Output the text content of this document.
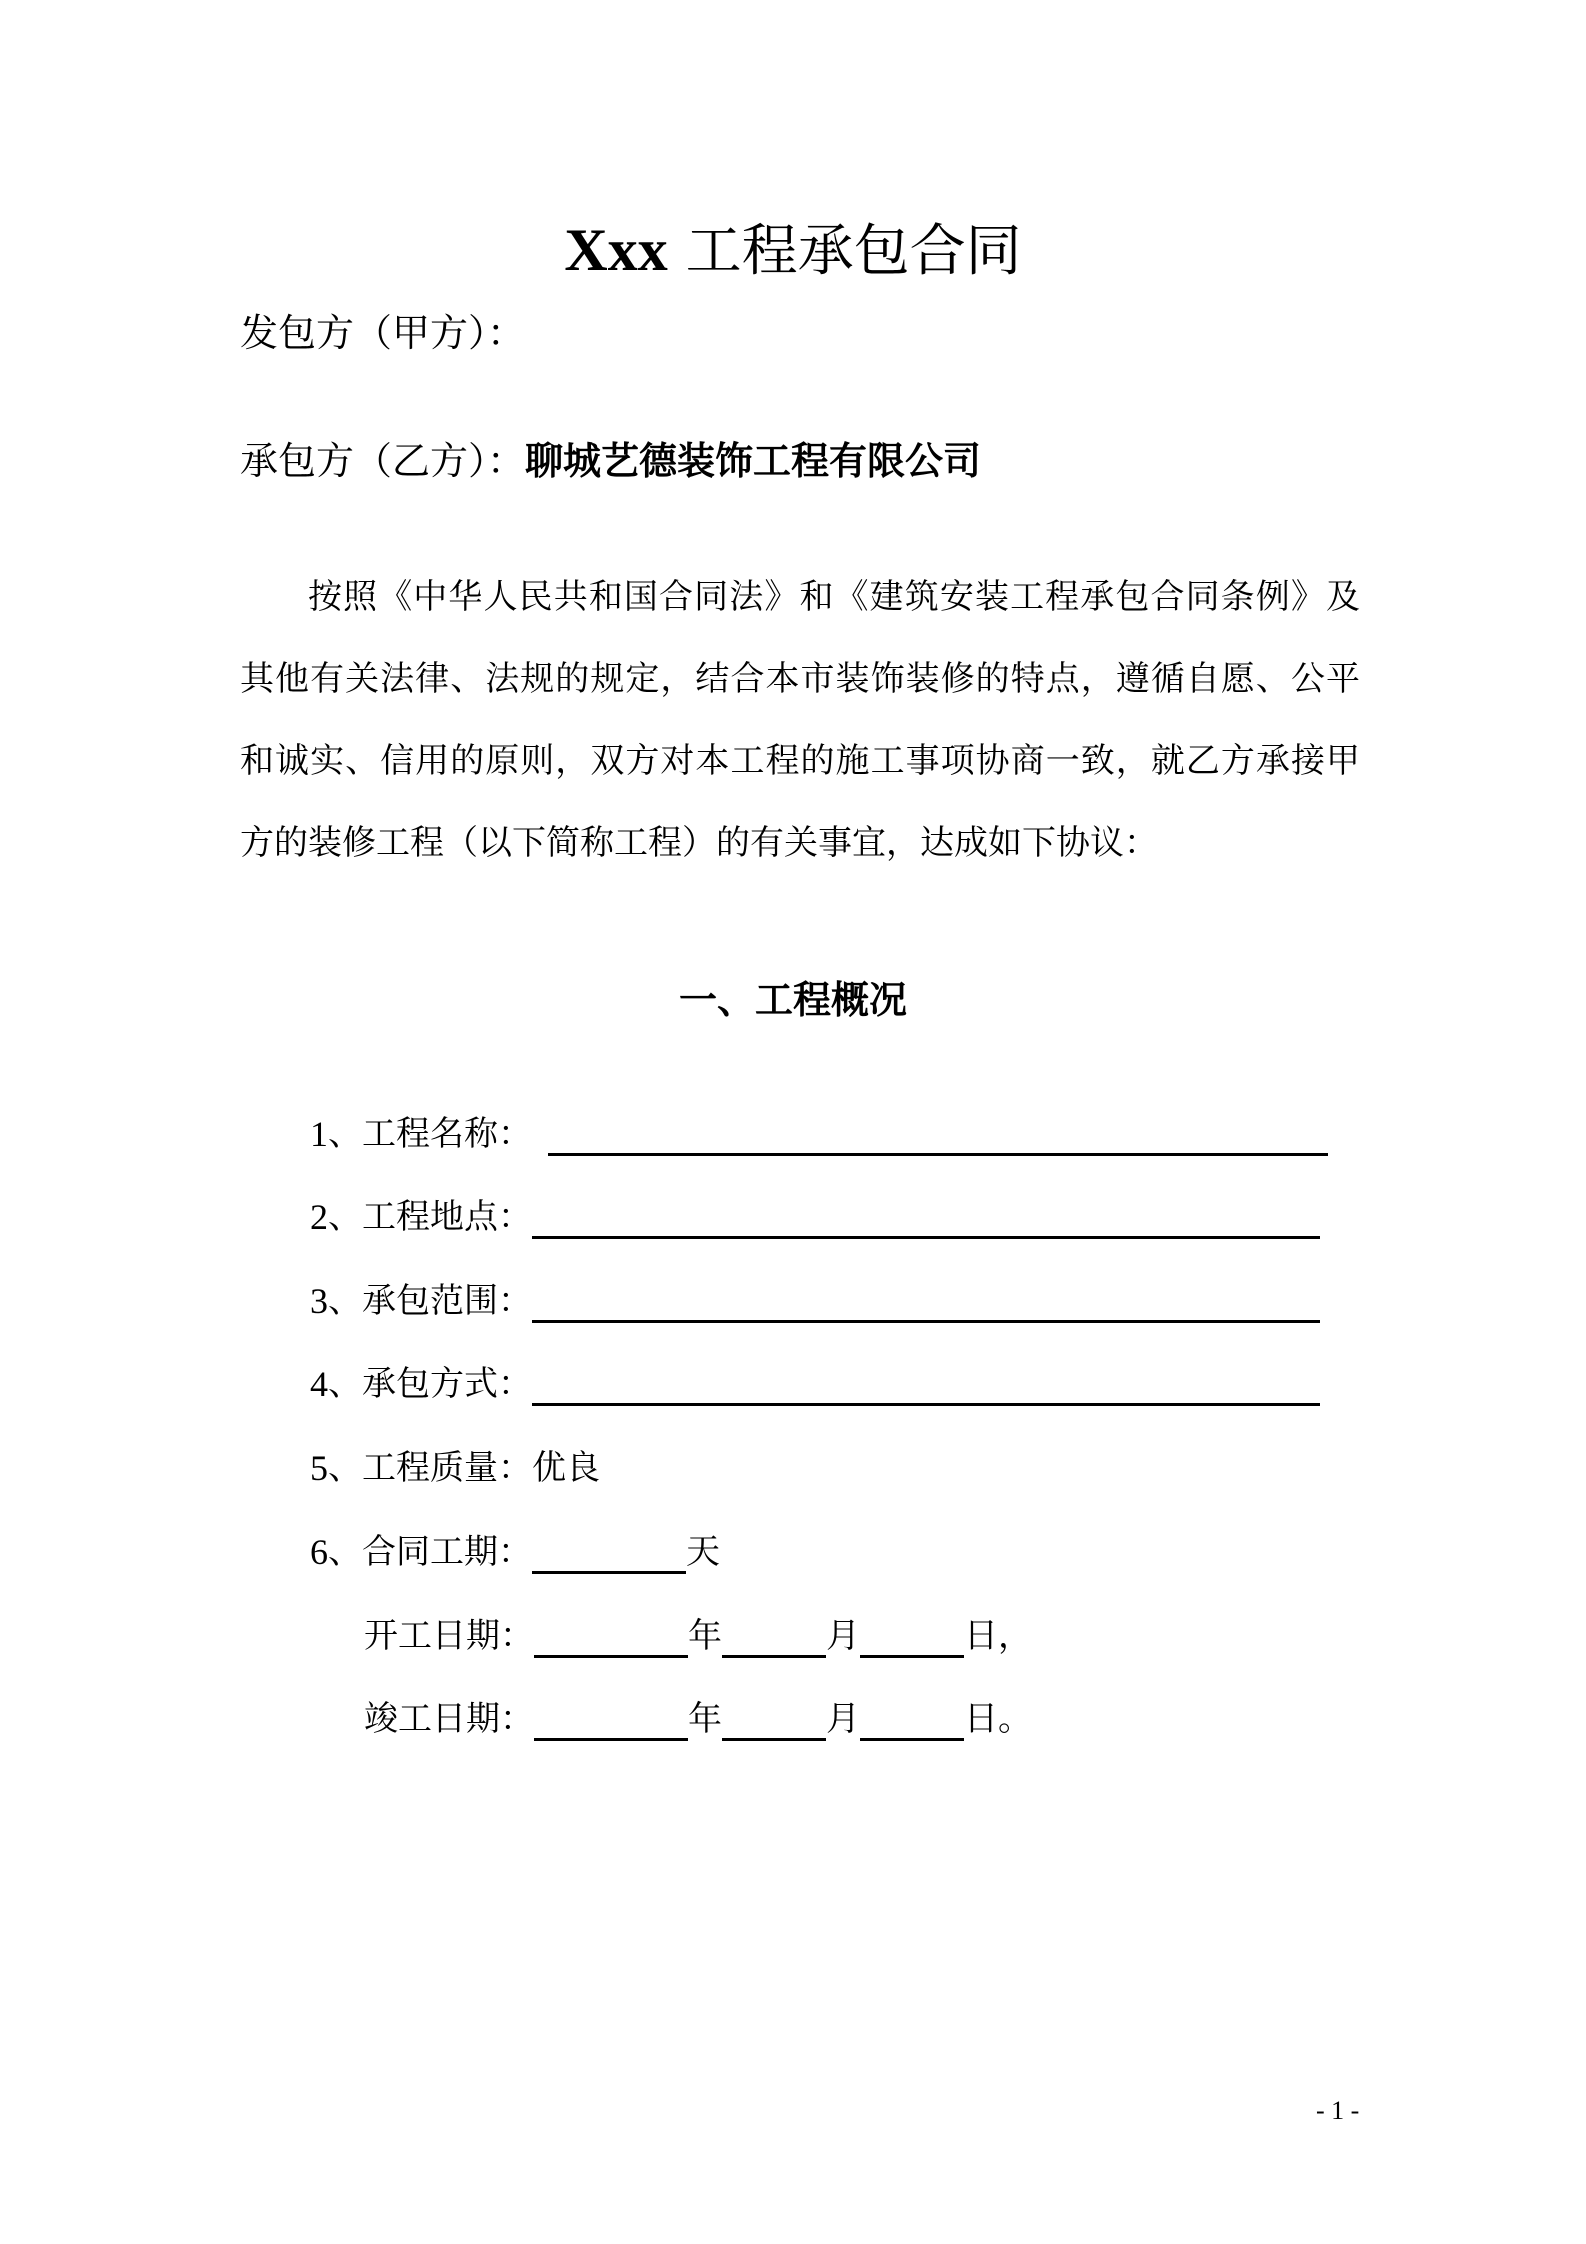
Xxx 工程承包合同
发包方（甲方）：
承包方（乙方）：聊城艺德装饰工程有限公司
按照《中华人民共和国合同法》和《建筑安装工程承包合同条例》及其他有关法律、法规的规定，结合本市装饰装修的特点，遵循自愿、公平和诚实、信用的原则，双方对本工程的施工事项协商一致，就乙方承接甲方的装修工程（以下简称工程）的有关事宜，达成如下协议：
一、工程概况
1 、工程名称：
2 、工程地点：
3 、承包范围：
4 、承包方式：
5 、工程质量： 优良
6 、合同工期：	天
开工日期：	年	月	日，
竣工日期：	年	月	日。
- 1 -
